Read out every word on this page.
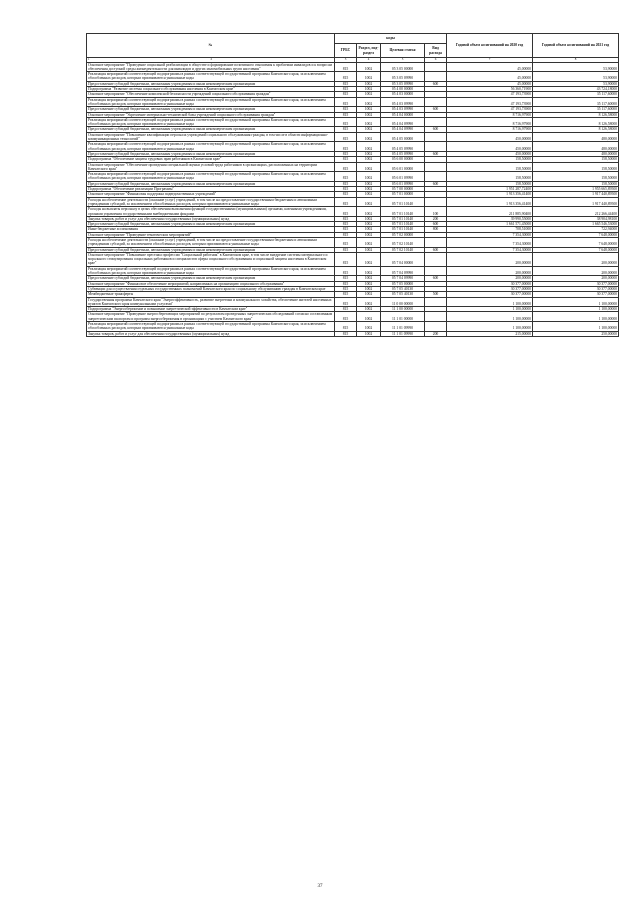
№	коды				Годовой объем ассигнований на 2020 год	Годовой объем ассигнований на 2021 год
	ГРБС	Раздел, под-раздел	Целевая статья	Вид расхода		

1 2	3	4	5	6	7	8
Основное мероприятие "Проведение социальной реабилитации в обществе и формирование позитивного отношения к проблемам инвалидов и к вопросам обеспечения доступной среды жизнедеятельности для инвалидов и других маломобильных групп населения"	815	1002	05 3 05 00000		45,00000	53,90000
Реализация мероприятий соответствующей подпрограммы в рамках соответствующей государственной программы Камчатского края, за исключением обособленных расходов, которым присваиваются уникальные коды	815	1002	05 3 05 09990		45,00000	53,90000
Предоставление субсидий бюджетным, автономным учреждениям и иным некоммерческим организациям	815	1002	05 3 05 09990	600	45,00000	53,90000
Подпрограмма "Развитие системы социального обслуживания населения в Камчатском крае"	815	1002	05 4 00 00000		56 360,71900	43 724,18000
Основное мероприятие "Обеспечение комплексной безопасности учреждений социального обслуживания граждан"	815	1002	05 4 03 00000		47 193,73900	35 117,60000
Реализация мероприятий соответствующей подпрограммы в рамках соответствующей государственной программы Камчатского края, за исключением обособленных расходов, которым присваиваются уникальные коды	815	1002	05 4 03 09990		47 193,73900	35 117,60000
Предоставление субсидий бюджетным, автономным учреждениям и иным некоммерческим организациям	815	1002	05 4 03 09990	600	47 193,73900	35 117,60000
Основное мероприятие "Укрепление материально-технической базы учреждений социального обслуживания граждан"	815	1002	05 4 04 00000		8 716,97900	8 126,58000
Реализация мероприятий соответствующей подпрограммы в рамках соответствующей государственной программы Камчатского края, за исключением обособленных расходов, которым присваиваются уникальные коды	815	1002	05 4 04 09990		8 716,97900	8 126,58000
Предоставление субсидий бюджетным, автономным учреждениям и иным некоммерческим организациям	815	1002	05 4 04 09990	600	8 716,97900	8 126,58000
Основное мероприятие "Повышение квалификации персонала учреждений социального обслуживания граждан, в том числе в области информационно-коммуникационных технологий"	815	1002	05 4 05 00000		450,00000	480,00000
Реализация мероприятий соответствующей подпрограммы в рамках соответствующей государственной программы Камчатского края, за исключением обособленных расходов, которым присваиваются уникальные коды	815	1002	05 4 05 09990		450,00000	480,00000
Предоставление субсидий бюджетным, автономным учреждениям и иным некоммерческим организациям	815	1002	05 4 05 09990	600	450,00000	480,00000
Подпрограмма "Обеспечение защиты трудовых прав работников в Камчатском крае"	815	1002	05 6 00 00000		158,50000	158,50000
Основное мероприятие "Обеспечение проведения специальной оценки условий труда работников в организациях, расположенных на территории Камчатского края"	815	1002	05 6 01 00000		158,50000	158,50000
Реализация мероприятий соответствующей подпрограммы в рамках соответствующей государственной программы Камчатского края, за исключением обособленных расходов, которым присваиваются уникальные коды	815	1002	05 6 01 09990		158,50000	158,50000
Предоставление субсидий бюджетным, автономным учреждениям и иным некоммерческим организациям	815	1002	05 6 01 09990	600	158,50000	158,50000
Подпрограмма "Обеспечение реализации Программы"	815	1002	05 7 00 00000		1 951 287,72400	1 955 665,89500
Основное мероприятие "Финансовая поддержка подведомственных учреждений"	815	1002	05 7 01 00000		1 913 356,41400	1 917 440,89500
Расходы на обеспечение деятельности (оказание услуг) учреждений, в том числе на предоставление государственным бюджетным и автономным учреждениям субсидий, за исключением обособленных расходов, которым присваиваются уникальные коды	815	1002	05 7 01 10140		1 913 356,41400	1 917 440,89500
Расходы на выплаты персоналу в целях обеспечения выполнения функций государственными (муниципальными) органами, казенными учреждениями, органами управления государственными внебюджетными фондами	815	1002	05 7 01 10140	100	211 885,90400	212 266,44400
Закупка товаров, работ и услуг для обеспечения государственных (муниципальных) нужд	815	1002	05 7 01 10140	200	39 990,55000	38 904,98100
Предоставление субсидий бюджетным, автономным учреждениям и иным некоммерческим организациям	815	1002	05 7 01 10140	600	1 661 571,45000	1 665 546,53000
Иные бюджетные ассигнования	815	1002	05 7 01 10140	800	708,51000	722,94000
Основное мероприятие "Проведение тематических мероприятий"	815	1002	05 7 02 00000		7 354,30000	7 648,00000
Расходы на обеспечение деятельности (оказание услуг) учреждений, в том числе на предоставление государственным бюджетным и автономным учреждениям субсидий, за исключением обособленных расходов, которым присваиваются уникальные коды	815	1002	05 7 02 10140		7 354,30000	7 648,00000
Предоставление субсидий бюджетным, автономным учреждениям и иным некоммерческим организациям	815	1002	05 7 02 10140	600	7 354,30000	7 648,00000
Основное мероприятие "Повышение престижа профессии "Социальный работник" в Камчатском крае, в том числе внедрение системы материального и морального стимулирования социальных работников и специалистов сферы социального обслуживания и социальной защиты населения в Камчатском крае"	815	1002	05 7 04 00000		200,00000	200,00000
Реализация мероприятий соответствующей подпрограммы в рамках соответствующей государственной программы Камчатского края, за исключением обособленных расходов, которым присваиваются уникальные коды	815	1002	05 7 04 09990		200,00000	200,00000
Предоставление субсидий бюджетным, автономным учреждениям и иным некоммерческим организациям	815	1002	05 7 04 09990	600	200,00000	200,00000
Основное мероприятие "Финансовое обеспечение мероприятий, направленных на организацию социального обслуживания"	815	1002	05 7 05 00000		30 377,00000	30 377,00000
Субвенции для осуществления отдельных государственных полномочий Камчатского края по социальному обслуживанию граждан в Камчатском крае	815	1002	05 7 05 40130		30 377,00000	30 377,00000
Межбюджетные трансферты	815	1002	05 7 05 40130	500	30 377,00000	30 377,00000
Государственная программа Камчатского края "Энергоэффективность, развитие энергетики и коммунального хозяйства, обеспечение жителей населенных пунктов Камчатского края коммунальными услугами"	815	1002	11 0 00 00000		1 100,00000	1 100,00000
Подпрограмма "Энергосбережение и повышение энергетической эффективности в Камчатском крае"	815	1002	11 1 00 00000		1 100,00000	1 100,00000
Основное мероприятие "Проведение энергосберегающих мероприятий по результатам проведенных энергетических обследований согласно составленным энергетическим паспортам и программ энергосбережения в организациях с участием Камчатского края"	815	1002	11 1 01 00000		1 100,00000	1 100,00000
Реализация мероприятий соответствующей подпрограммы в рамках соответствующей государственной программы Камчатского края, за исключением обособленных расходов, которым присваиваются уникальные коды	815	1002	11 1 01 09990		1 100,00000	1 100,00000
Закупка товаров, работ и услуг для обеспечения государственных (муниципальных) нужд	815	1002	11 1 01 09990	200	215,00000	250,00000
37
